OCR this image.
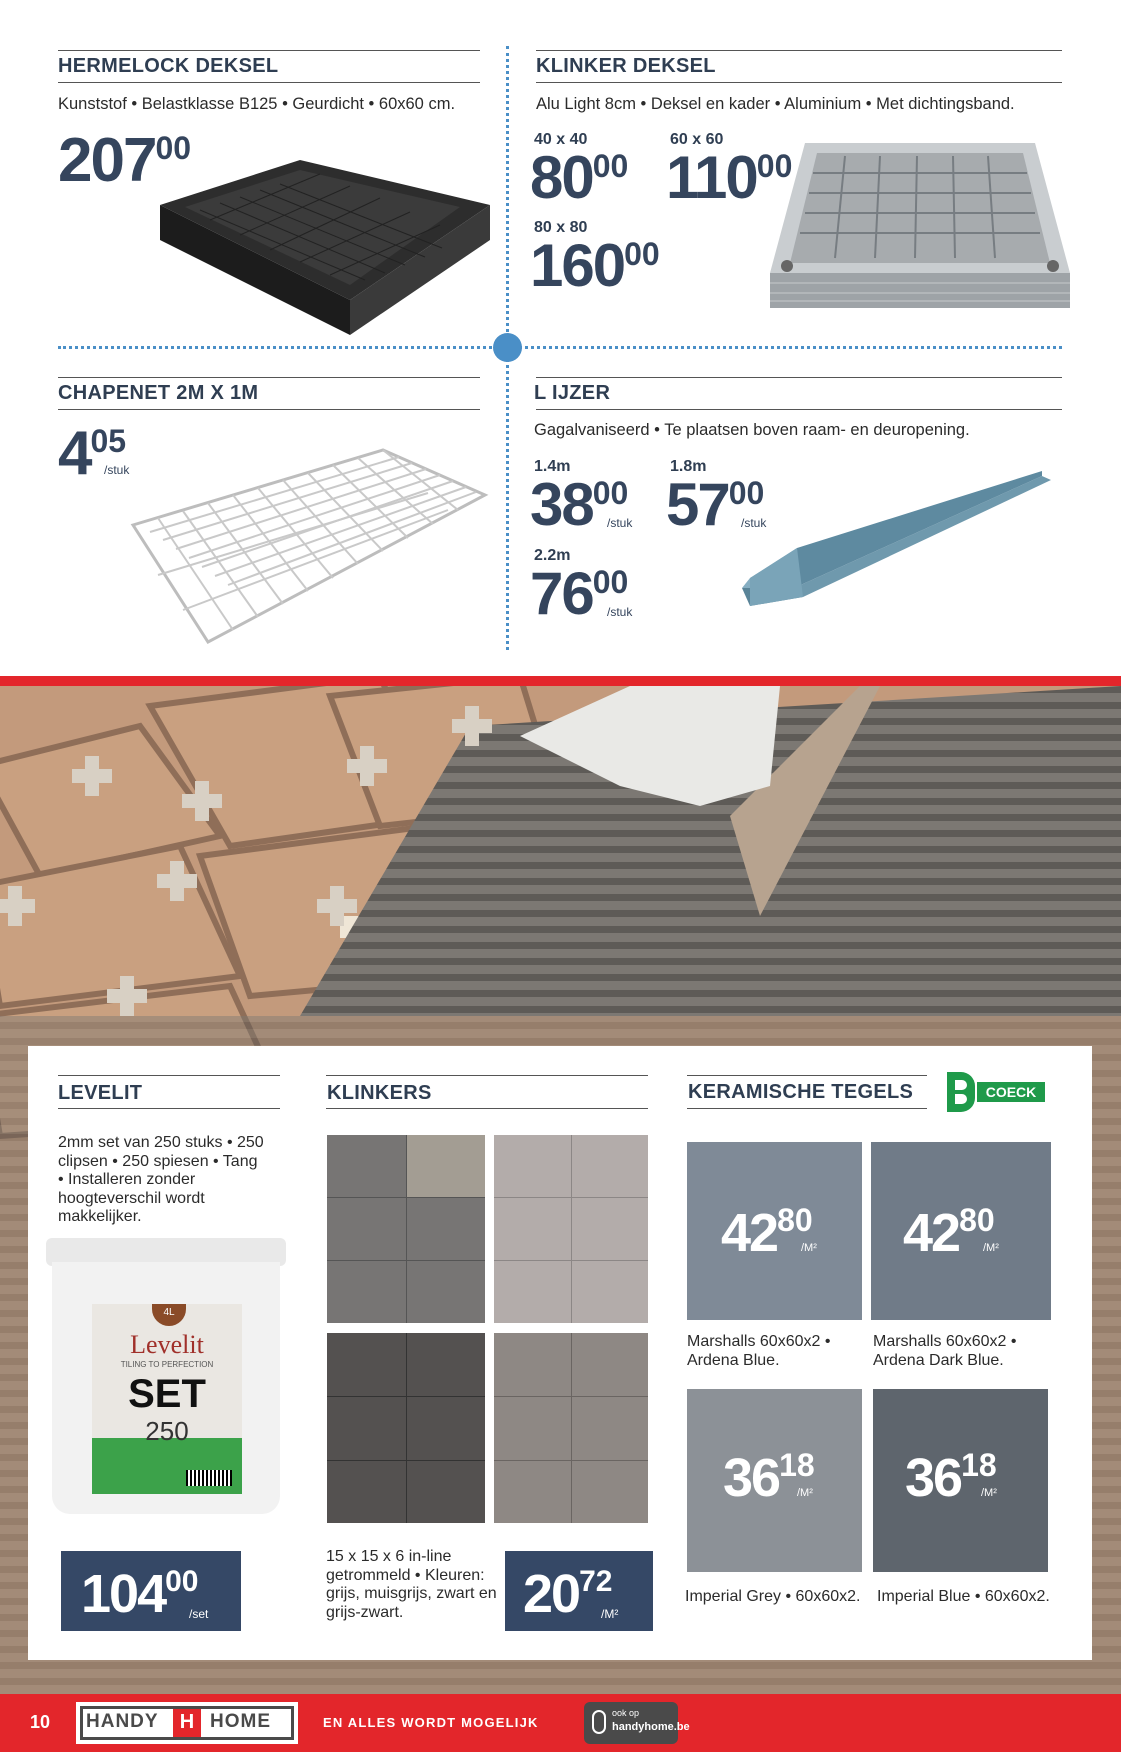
HERMELOCK DEKSEL
Kunststof • Belastklasse B125 • Geurdicht • 60x60 cm.
$207^{00}$
KLINKER DEKSEL
Alu Light 8cm • Deksel en kader • Aluminium • Met dichtingsband.
40 x 40
$80^{00}$
60 x 60
$110^{00}$
80 x 80
$160^{00}$
CHAPENET 2M X 1M
$4^{05}$
/stuk
L IJZER
Gagalvaniseerd • Te plaatsen boven raam- en deuropening.
1.4m
$38^{00}$
/stuk
1.8m
$57^{00}$
/stuk
2.2m
$76^{00}$
/stuk
LEVELIT
2mm set van 250 stuks • 250 clipsen • 250 spiesen • Tang • Installeren zonder hoogteverschil wordt makkelijker.
4L
Levelit
TILING TO PERFECTION
SET
250
$104^{00}$
/set
KLINKERS
15 x 15 x 6 in-line getrommeld • Kleuren: grijs, muisgrijs, zwart en grijs-zwart.	$20^{72}$
/M²
KERAMISCHE TEGELS	COECK
$42^{80}$
/M²
Marshalls 60x60x2 • Ardena Blue.
$42^{80}$
/M²
Marshalls 60x60x2 • Ardena Dark Blue.
$36^{18}$
/M² $36^{18}$
/M²
Imperial Grey • 60x60x2. Imperial Blue • 60x60x2.
10 HANDY	H HOME	EN ALLES WORDT MOGELIJK
ook op
handyhome.be
